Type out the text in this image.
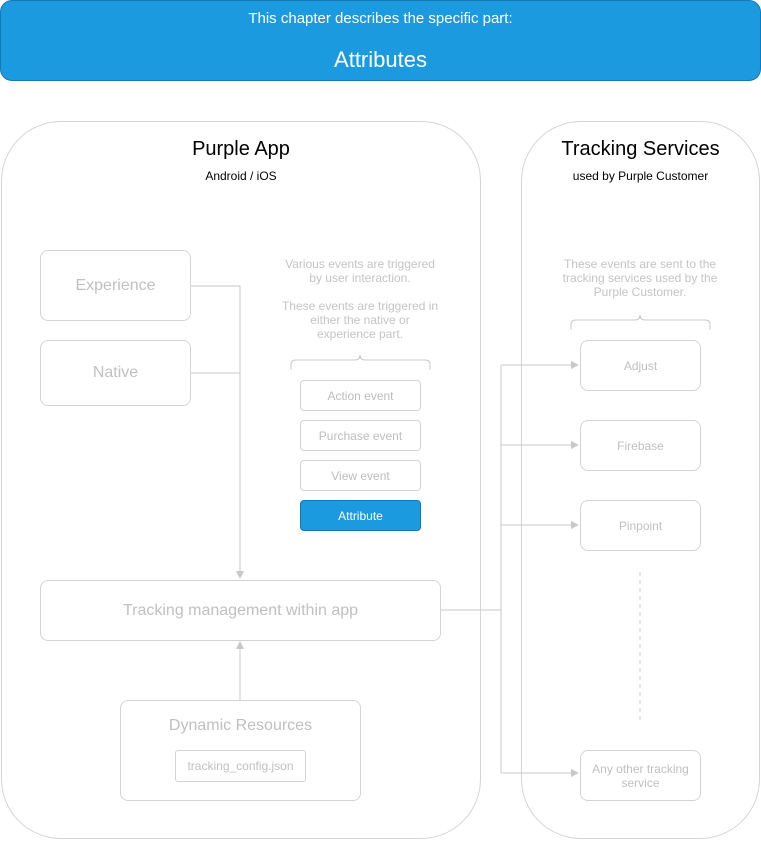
This chapter describes the specific part:
Attributes
Purple App
Android / iOS
Tracking Services
used by Purple Customer
Experience
Native
Various events are triggered
by user interaction.
These events are triggered in
either the native or
experience part.
Action event
Purchase event
View event
Attribute
Tracking management within app
Dynamic Resources
tracking_config.json
These events are sent to the
tracking services used by the
Purple Customer.
Adjust
Firebase
Pinpoint
Any other tracking
service
